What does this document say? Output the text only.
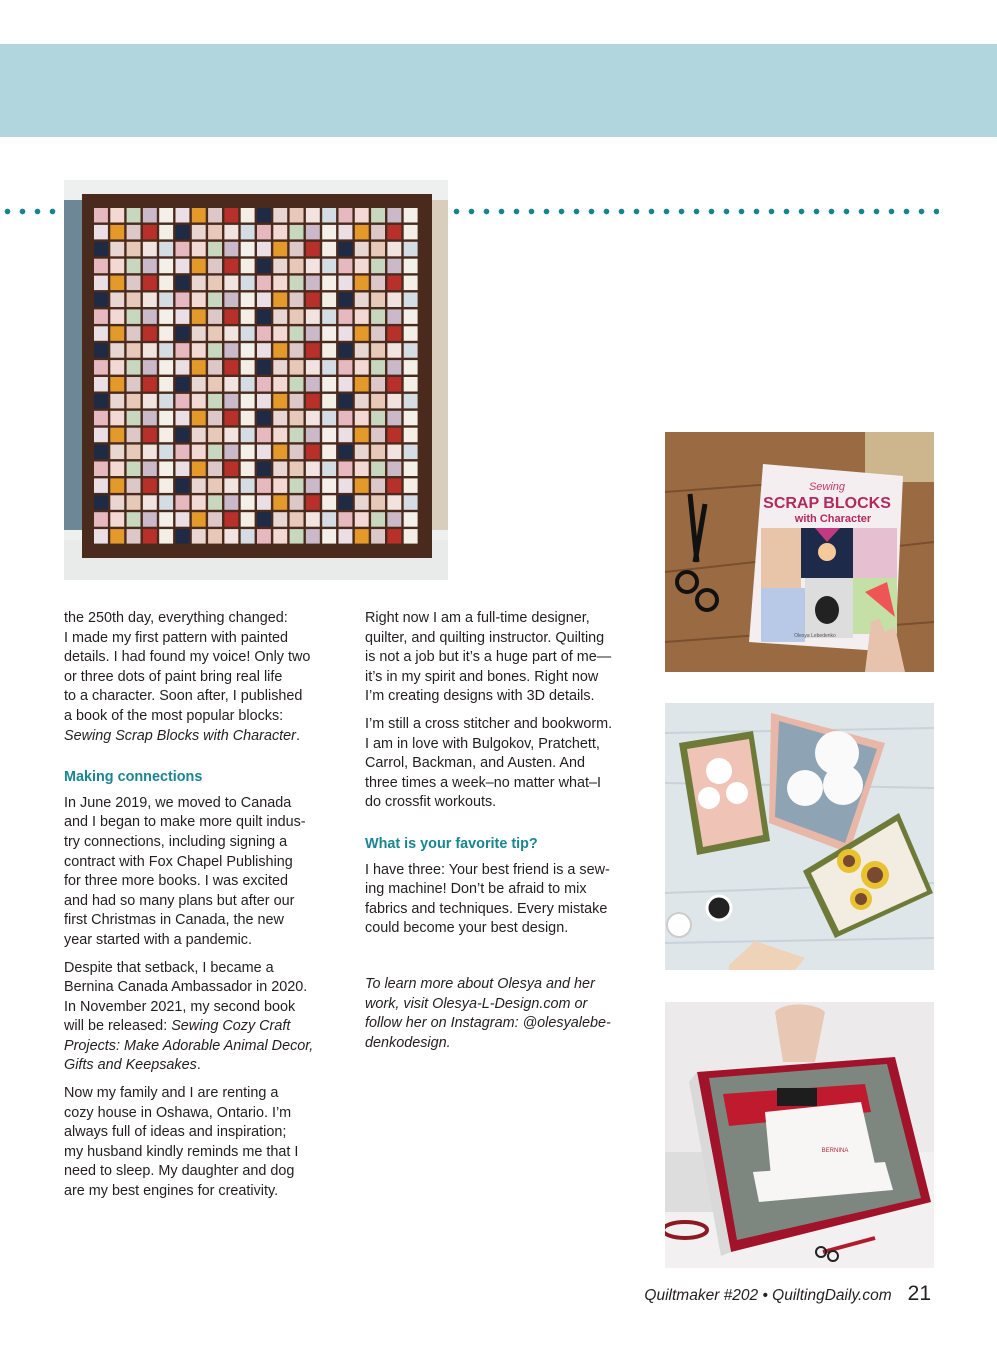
Sewing
SCRAP BLOCKS
with Character
Olesya Lebedenko
BERNINA

the 250th day, everything changed:
I made my first pattern with painted
details. I had found my voice! Only two
or three dots of paint bring real life
to a character. Soon after, I published
a book of the most popular blocks:
Sewing Scrap Blocks with Character.

Making connections

In June 2019, we moved to Canada
and I began to make more quilt indus-
try connections, including signing a
contract with Fox Chapel Publishing
for three more books. I was excited
and had so many plans but after our
first Christmas in Canada, the new
year started with a pandemic.

Despite that setback, I became a
Bernina Canada Ambassador in 2020.
In November 2021, my second book
will be released: Sewing Cozy Craft
Projects: Make Adorable Animal Decor,
Gifts and Keepsakes.

Now my family and I are renting a
cozy house in Oshawa, Ontario. I’m
always full of ideas and inspiration;
my husband kindly reminds me that I
need to sleep. My daughter and dog
are my best engines for creativity.

Right now I am a full-time designer,
quilter, and quilting instructor. Quilting
is not a job but it’s a huge part of me—
it’s in my spirit and bones. Right now
I’m creating designs with 3D details.

I’m still a cross stitcher and bookworm.
I am in love with Bulgokov, Pratchett,
Carrol, Backman, and Austen. And
three times a week–no matter what–I
do crossfit workouts.

What is your favorite tip?

I have three: Your best friend is a sew-
ing machine! Don’t be afraid to mix
fabrics and techniques. Every mistake
could become your best design.

To learn more about Olesya and her
work, visit Olesya-L-Design.com or
follow her on Instagram: @olesyalebe-
denkodesign.

Quiltmaker #202 • QuiltingDaily.com 21
